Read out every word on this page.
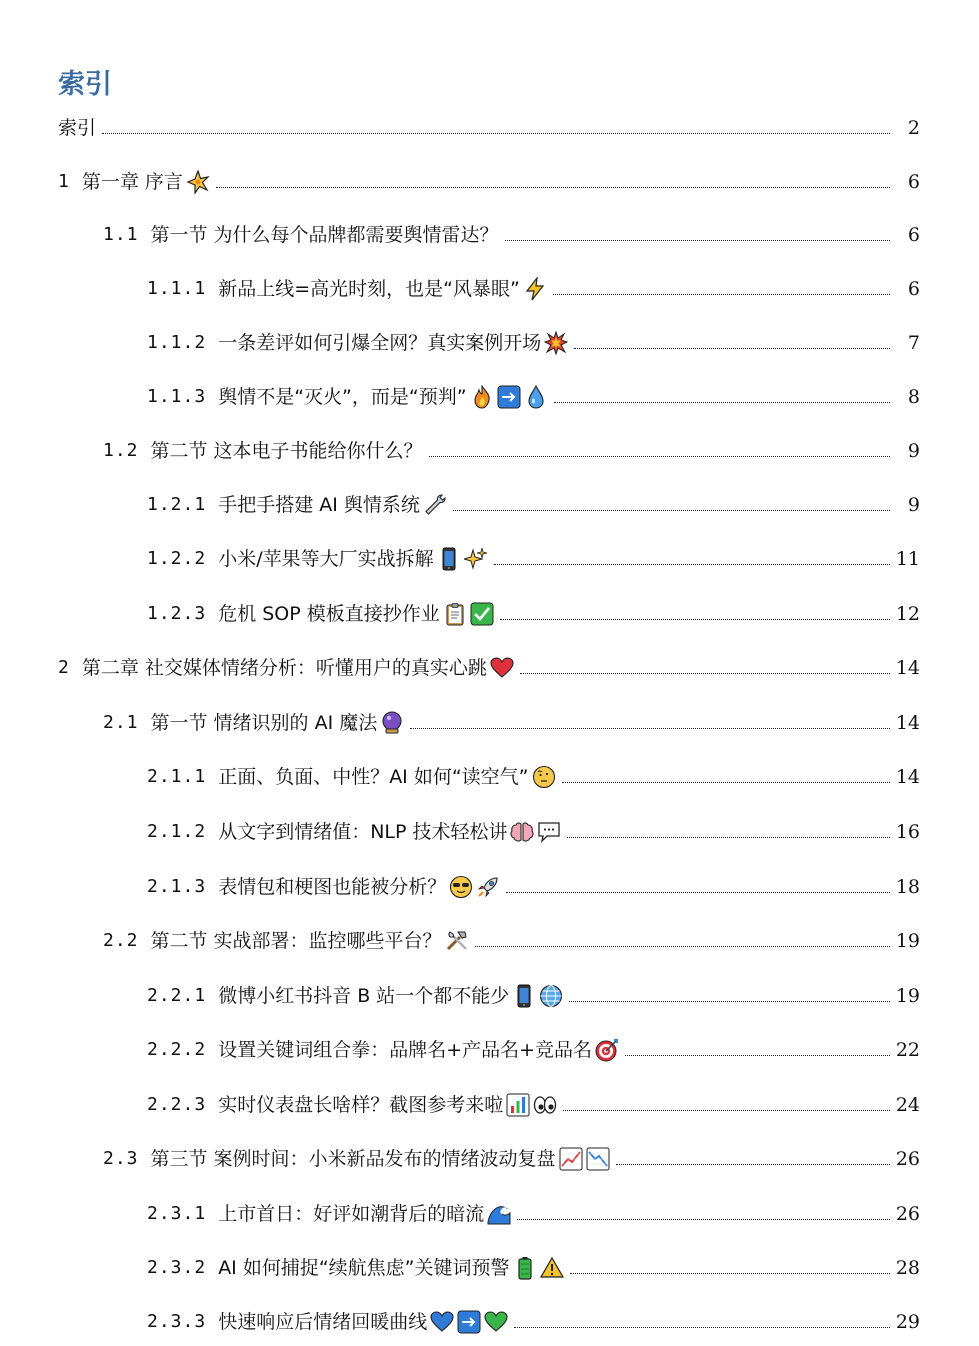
索引
索引	2
1 第一章 序言	6
1.1 第一节 为什么每个品牌都需要舆情雷达？	6
1.1.1 新品上线=高光时刻，也是“风暴眼”	6
1.1.2 一条差评如何引爆全网？真实案例开场	7
1.1.3 舆情不是“灭火”，而是“预判”	8
1.2 第二节 这本电子书能给你什么？	9
1.2.1 手把手搭建 AI 舆情系统	9
1.2.2 小米/苹果等大厂实战拆解	11
1.2.3 危机 SOP 模板直接抄作业	12
2 第二章 社交媒体情绪分析：听懂用户的真实心跳	14
2.1 第一节 情绪识别的 AI 魔法	14
2.1.1 正面、负面、中性？AI 如何“读空气”	14
2.1.2 从文字到情绪值：NLP 技术轻松讲	16
2.1.3 表情包和梗图也能被分析？	18
2.2 第二节 实战部署：监控哪些平台？	19
2.2.1 微博小红书抖音 B 站一个都不能少	19
2.2.2 设置关键词组合拳：品牌名+产品名+竞品名	22
2.2.3 实时仪表盘长啥样？截图参考来啦	24
2.3 第三节 案例时间：小米新品发布的情绪波动复盘	26
2.3.1 上市首日：好评如潮背后的暗流	26
2.3.2 AI 如何捕捉“续航焦虑”关键词预警	28
2.3.3 快速响应后情绪回暖曲线	29
